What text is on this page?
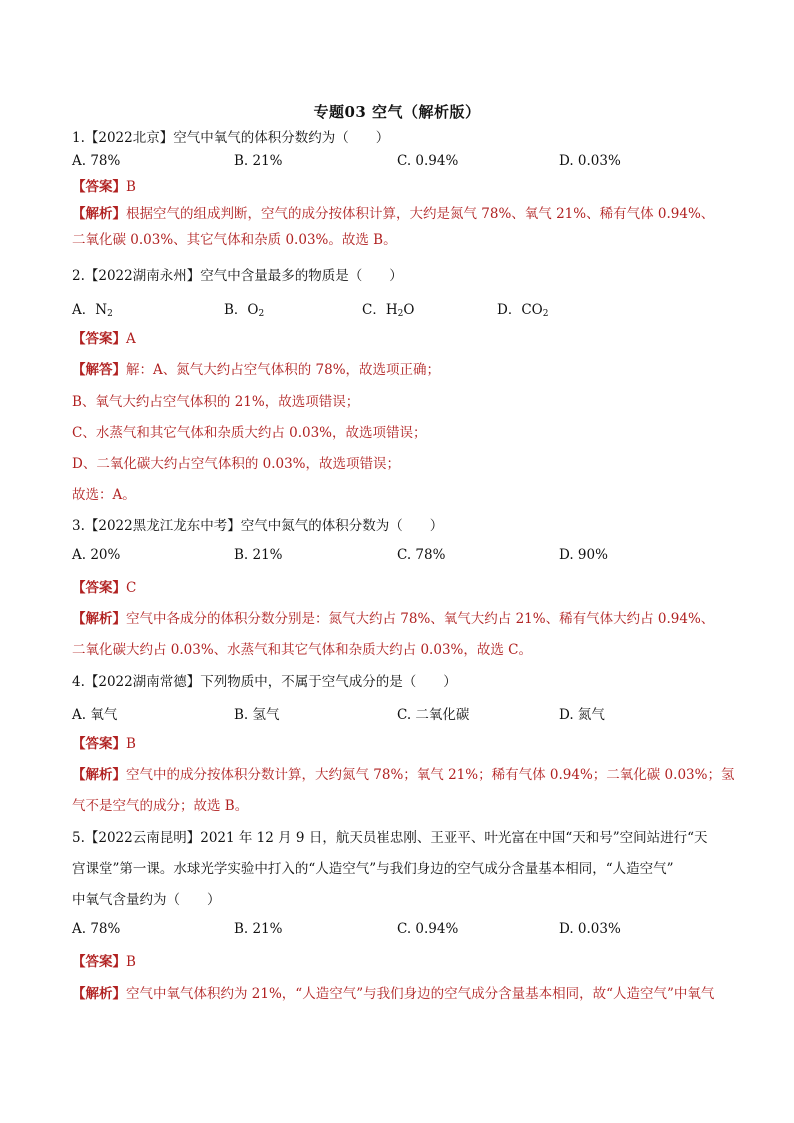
专题03 空气（解析版）
1.【2022北京】空气中氧气的体积分数约为（　　）
A. 78%	B. 21%	C. 0.94%	D. 0.03%
【答案】B
【解析】根据空气的组成判断，空气的成分按体积计算，大约是氮气 78%、氧气 21%、稀有气体 0.94%、
二氧化碳 0.03%、其它气体和杂质 0.03%。故选 B。
2.【2022湖南永州】空气中含量最多的物质是（　　）
A．$N_2$	B．$O_2$	C．$H_2O$	D．$CO_2$
【答案】A
【解答】解：A、氮气大约占空气体积的 78%，故选项正确；
B、氧气大约占空气体积的 21%，故选项错误；
C、水蒸气和其它气体和杂质大约占 0.03%，故选项错误；
D、二氧化碳大约占空气体积的 0.03%，故选项错误；
故选：A。
3.【2022黑龙江龙东中考】空气中氮气的体积分数为（　　）
A. 20%	B. 21%	C. 78%	D. 90%
【答案】C
【解析】空气中各成分的体积分数分别是：氮气大约占 78%、氧气大约占 21%、稀有气体大约占 0.94%、
二氧化碳大约占 0.03%、水蒸气和其它气体和杂质大约占 0.03%，故选 C。
4.【2022湖南常德】下列物质中，不属于空气成分的是（　　）
A. 氧气	B. 氢气	C. 二氧化碳	D. 氮气
【答案】B
【解析】空气中的成分按体积分数计算，大约氮气 78%；氧气 21%；稀有气体 0.94%；二氧化碳 0.03%；氢
气不是空气的成分；故选 B。
5.【2022云南昆明】2021 年 12 月 9 日，航天员崔忠刚、王亚平、叶光富在中国“天和号”空间站进行“天
宫课堂”第一课。水球光学实验中打入的“人造空气”与我们身边的空气成分含量基本相同，“人造空气”
中氧气含量约为（　　）
A. 78%	B. 21%	C. 0.94%	D. 0.03%
【答案】B
【解析】空气中氧气体积约为 21%，“人造空气”与我们身边的空气成分含量基本相同，故“人造空气”中氧气
